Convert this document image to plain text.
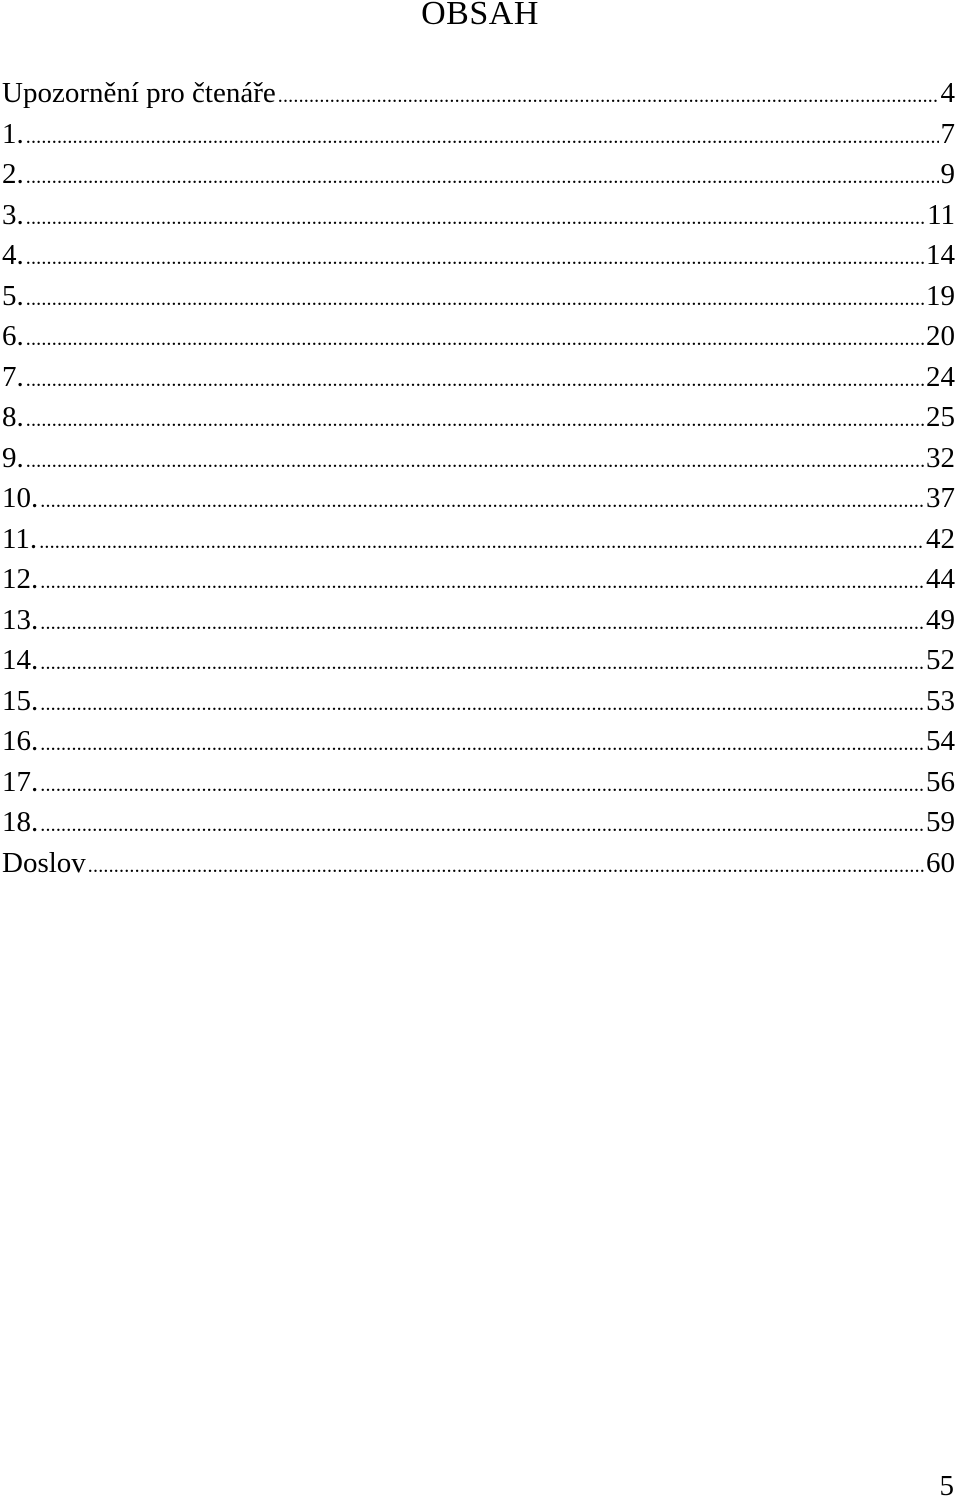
OBSAH
Upozornění pro čtenáře .....	4
1. .....	7
2. .....	9
3. .....	11
4. .....	14
5. .....	19
6. .....	20
7. .....	24
8. .....	25
9. .....	32
10. .....	37
11. .....	42
12. .....	44
13. .....	49
14. .....	52
15. .....	53
16. .....	54
17. .....	56
18. .....	59
Doslov .....	60
5
